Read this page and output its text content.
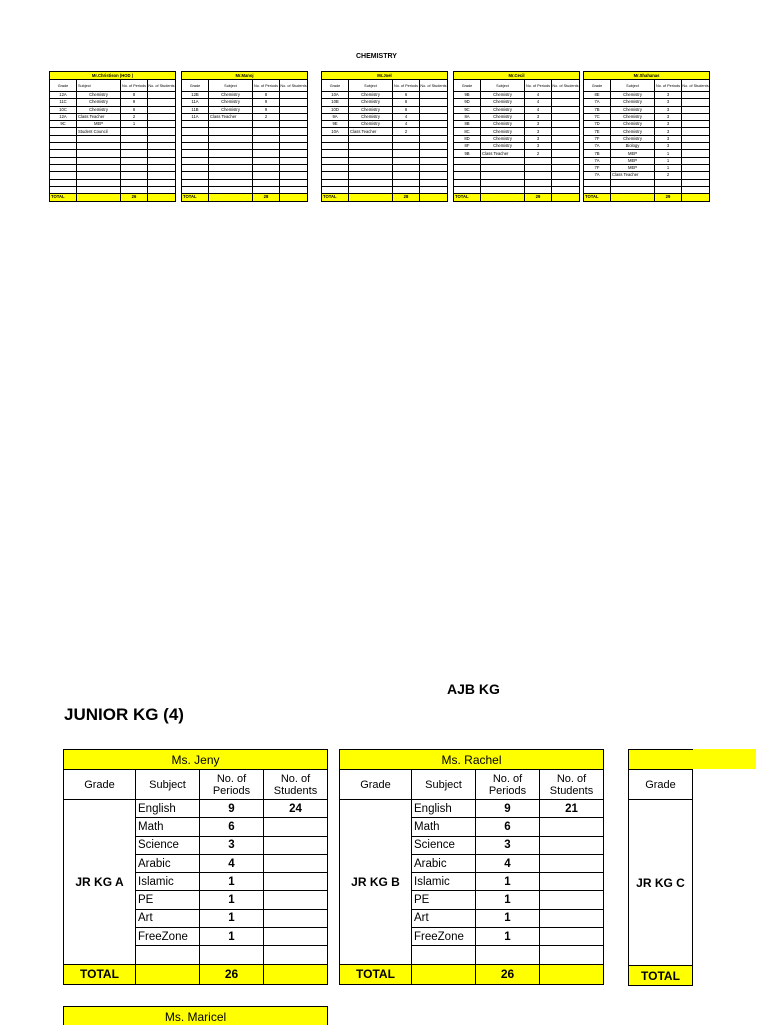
CHEMISTRY
Mr.Christison (HOD )			
Grade	Subject	No. of Periods	No. of Students
12A	Chemistry	8	
11C	Chemistry	9	
10C	Chemistry	6	
12A	Class Teacher	2	
9C	MEP	1	
	Student Council		

TOTAL		26	
Mr.Manoj			
Grade	Subject	No. of Periods	No. of Students
12B	Chemistry	8	
11A	Chemistry	9	
11B	Chemistry	9	
11A	Class Teacher	2	

TOTAL		28	
Mr.Joel			
Grade	Subject	No. of Periods	No. of Students
10A	Chemistry	6	
10B	Chemistry	6	
10D	Chemistry	6	
9A	Chemistry	4	
9E	Chemistry	4	
10A	Class Teacher	2	

TOTAL		28	
Mr.Cecil			
Grade	Subject	No. of Periods	No. of Students
9B	Chemistry	4	
9D	Chemistry	4	
9C	Chemistry	4	
8A	Chemistry	3	
8B	Chemistry	3	
8C	Chemistry	3	
8D	Chemistry	3	
8F	Chemistry	3	
9B	Class Teacher	2	

TOTAL		29	
Mr.Shahanas			
Grade	Subject	No. of Periods	No. of Students
8E	Chemistry	3	
7A	Chemistry	3	
7B	Chemistry	3	
7C	Chemistry	3	
7D	Chemistry	3	
7E	Chemistry	3	
7F	Chemistry	3	
7A	Biology	3	
7B	MEP	1	
7A	MEP	1	
7F	MEP	1	
7A	Class Teacher	2	

TOTAL		29	
AJB KG
JUNIOR KG (4)
Ms. Jeny			
Grade	Subject	No. of Periods	No. of Students
JR KG A	English	9	24
	Math	6	
	Science	3	
	Arabic	4	
	Islamic	1	
	PE	1	
	Art	1	
	FreeZone	1	

TOTAL		26	
Ms. Rachel			
Grade	Subject	No. of Periods	No. of Students
JR KG B	English	9	21
	Math	6	
	Science	3	
	Arabic	4	
	Islamic	1	
	PE	1	
	Art	1	
	FreeZone	1	

TOTAL		26	

Grade
JR KG C
TOTAL
Ms. Maricel
